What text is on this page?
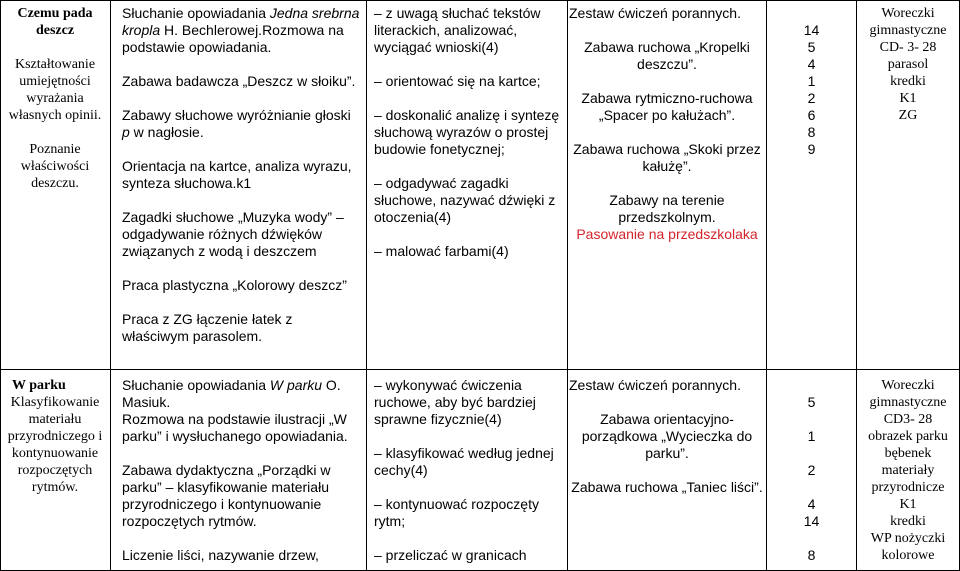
Czemu pada deszcz

Kształtowanie umiejętności wyrażania własnych opinii.

Poznanie właściwości deszczu.

Słuchanie opowiadania Jedna srebrna kropla H. Bechlerowej.Rozmowa na podstawie opowiadania.

Zabawa badawcza „Deszcz w słoiku”.

Zabawy słuchowe wyróżnianie głoski p w nagłosie.

Orientacja na kartce, analiza wyrazu, synteza słuchowa.k1

Zagadki słuchowe „Muzyka wody” – odgadywanie różnych dźwięków związanych z wodą i deszczem

Praca plastyczna „Kolorowy deszcz”

Praca z ZG łączenie łatek z właściwym parasolem.

– z uwagą słuchać tekstów literackich, analizować, wyciągać wnioski(4)

– orientować się na kartce;

– doskonalić analizę i syntezę słuchową wyrazów o prostej budowie fonetycznej;

– odgadywać zagadki słuchowe, nazywać dźwięki z otoczenia(4)

– malować farbami(4)

Zestaw ćwiczeń porannych.

Zabawa ruchowa „Kropelki deszczu”.

Zabawa rytmiczno-ruchowa „Spacer po kałużach”.

Zabawa ruchowa „Skoki przez kałużę”.

Zabawy na terenie przedszkolnym.

Pasowanie na przedszkolaka

14

5

4

1

2

6

8

9

Woreczki gimnastyczne

CD- 3- 28

parasol

kredki

K1

ZG

W parku

Klasyfikowanie materiału przyrodniczego i kontynuowanie rozpoczętych rytmów.

Słuchanie opowiadania W parku O. Masiuk.

Rozmowa na podstawie ilustracji „W parku” i wysłuchanego opowiadania.

Zabawa dydaktyczna „Porządki w parku” – klasyfikowanie materiału przyrodniczego i kontynuowanie rozpoczętych rytmów.

Liczenie liści, nazywanie drzew,

– wykonywać ćwiczenia ruchowe, aby być bardziej sprawne fizycznie(4)

– klasyfikować według jednej cechy(4)

– kontynuować rozpoczęty rytm;

– przeliczać w granicach

Zestaw ćwiczeń porannych.

Zabawa orientacyjno-porządkowa „Wycieczka do parku”.

Zabawa ruchowa „Taniec liści”.

5

1

2

4

14

8

Woreczki gimnastyczne

CD3- 28

obrazek parku

bębenek

materiały przyrodnicze

K1

kredki

WP nożyczki kolorowe
